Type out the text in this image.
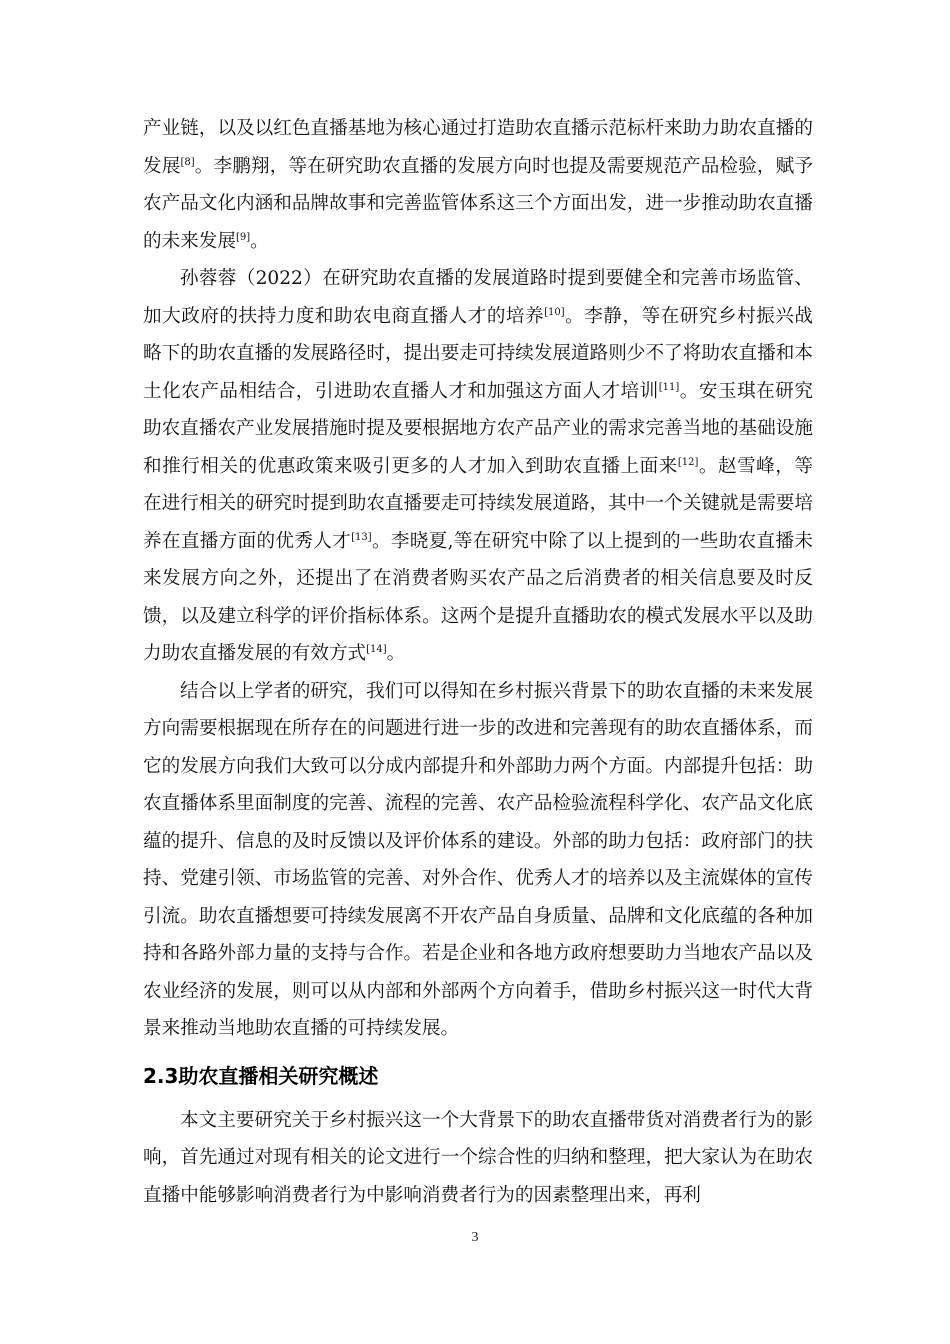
产业链，以及以红色直播基地为核心通过打造助农直播示范标杆来助力助农直播的发展[8]。李鹏翔，等在研究助农直播的发展方向时也提及需要规范产品检验，赋予农产品文化内涵和品牌故事和完善监管体系这三个方面出发，进一步推动助农直播的未来发展[9]。

孙蓉蓉（2022）在研究助农直播的发展道路时提到要健全和完善市场监管、加大政府的扶持力度和助农电商直播人才的培养[10]。李静，等在研究乡村振兴战略下的助农直播的发展路径时，提出要走可持续发展道路则少不了将助农直播和本土化农产品相结合，引进助农直播人才和加强这方面人才培训[11]。安玉琪在研究助农直播农产业发展措施时提及要根据地方农产品产业的需求完善当地的基础设施和推行相关的优惠政策来吸引更多的人才加入到助农直播上面来[12]。赵雪峰，等在进行相关的研究时提到助农直播要走可持续发展道路，其中一个关键就是需要培养在直播方面的优秀人才[13]。李晓夏,等在研究中除了以上提到的一些助农直播未来发展方向之外，还提出了在消费者购买农产品之后消费者的相关信息要及时反馈，以及建立科学的评价指标体系。这两个是提升直播助农的模式发展水平以及助力助农直播发展的有效方式[14]。

结合以上学者的研究，我们可以得知在乡村振兴背景下的助农直播的未来发展方向需要根据现在所存在的问题进行进一步的改进和完善现有的助农直播体系，而它的发展方向我们大致可以分成内部提升和外部助力两个方面。内部提升包括：助农直播体系里面制度的完善、流程的完善、农产品检验流程科学化、农产品文化底蕴的提升、信息的及时反馈以及评价体系的建设。外部的助力包括：政府部门的扶持、党建引领、市场监管的完善、对外合作、优秀人才的培养以及主流媒体的宣传引流。助农直播想要可持续发展离不开农产品自身质量、品牌和文化底蕴的各种加持和各路外部力量的支持与合作。若是企业和各地方政府想要助力当地农产品以及农业经济的发展，则可以从内部和外部两个方向着手，借助乡村振兴这一时代大背景来推动当地助农直播的可持续发展。

2.3助农直播相关研究概述

本文主要研究关于乡村振兴这一个大背景下的助农直播带货对消费者行为的影响，首先通过对现有相关的论文进行一个综合性的归纳和整理，把大家认为在助农直播中能够影响消费者行为中影响消费者行为的因素整理出来，再利

3
